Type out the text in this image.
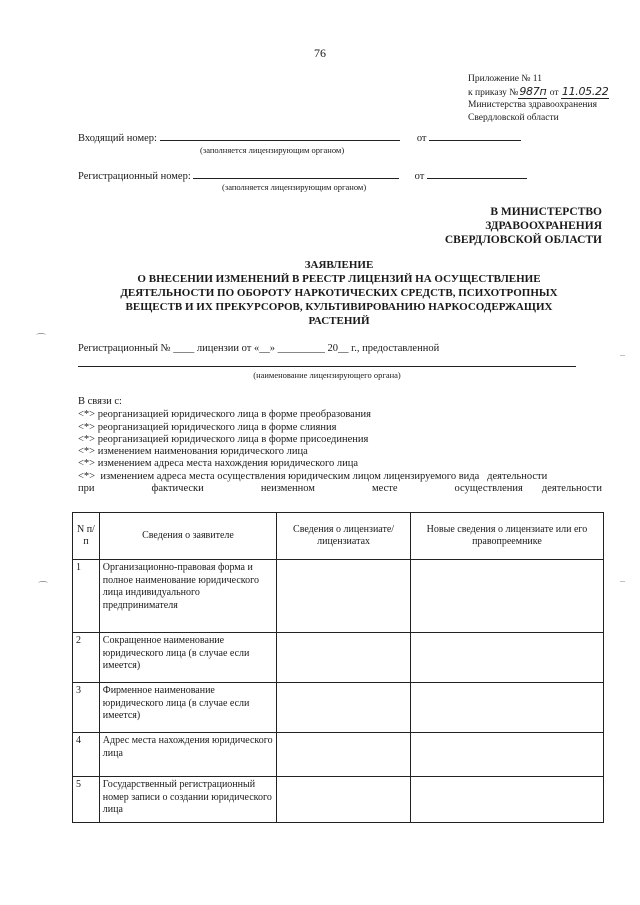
76
Приложение № 11
к приказу №987п от 11.05.22
Министерства здравоохранения
Свердловской области
Входящий номер:	от
(заполняется лицензирующим органом)
Регистрационный номер:	от
(заполняется лицензирующим органом)
В МИНИСТЕРСТВО
ЗДРАВООХРАНЕНИЯ
СВЕРДЛОВСКОЙ ОБЛАСТИ
ЗАЯВЛЕНИЕ
О ВНЕСЕНИИ ИЗМЕНЕНИЙ В РЕЕСТР ЛИЦЕНЗИЙ НА ОСУЩЕСТВЛЕНИЕ
ДЕЯТЕЛЬНОСТИ ПО ОБОРОТУ НАРКОТИЧЕСКИХ СРЕДСТВ, ПСИХОТРОПНЫХ
ВЕЩЕСТВ И ИХ ПРЕКУРСОРОВ, КУЛЬТИВИРОВАНИЮ НАРКОСОДЕРЖАЩИХ
РАСТЕНИЙ
Регистрационный № ____ лицензии от «__» _________ 20__ г., предоставленной
(наименование лицензирующего органа)
В связи с:
<*> реорганизацией юридического лица в форме преобразования
<*> реорганизацией юридического лица в форме слияния
<*> реорганизацией юридического лица в форме присоединения
<*> изменением наименования юридического лица
<*> изменением адреса места нахождения юридического лица
<*>  изменением адреса места осуществления юридическим лицом лицензируемого вида   деятельности
при   фактически   неизменном   месте   осуществления деятельности
N п/п	Сведения о заявителе	Сведения о лицензиате/лицензиатах	Новые сведения о лицензиате или его правопреемнике
1	Организационно-правовая форма и полное наименование юридического лица индивидуального предпринимателя		
2	Сокращенное наименование юридического лица (в случае если имеется)		
3	Фирменное наименование юридического лица (в случае если имеется)		
4	Адрес места нахождения юридического лица		
5	Государственный регистрационный номер записи о создании юридического лица		
⌒
⌒
–
–
